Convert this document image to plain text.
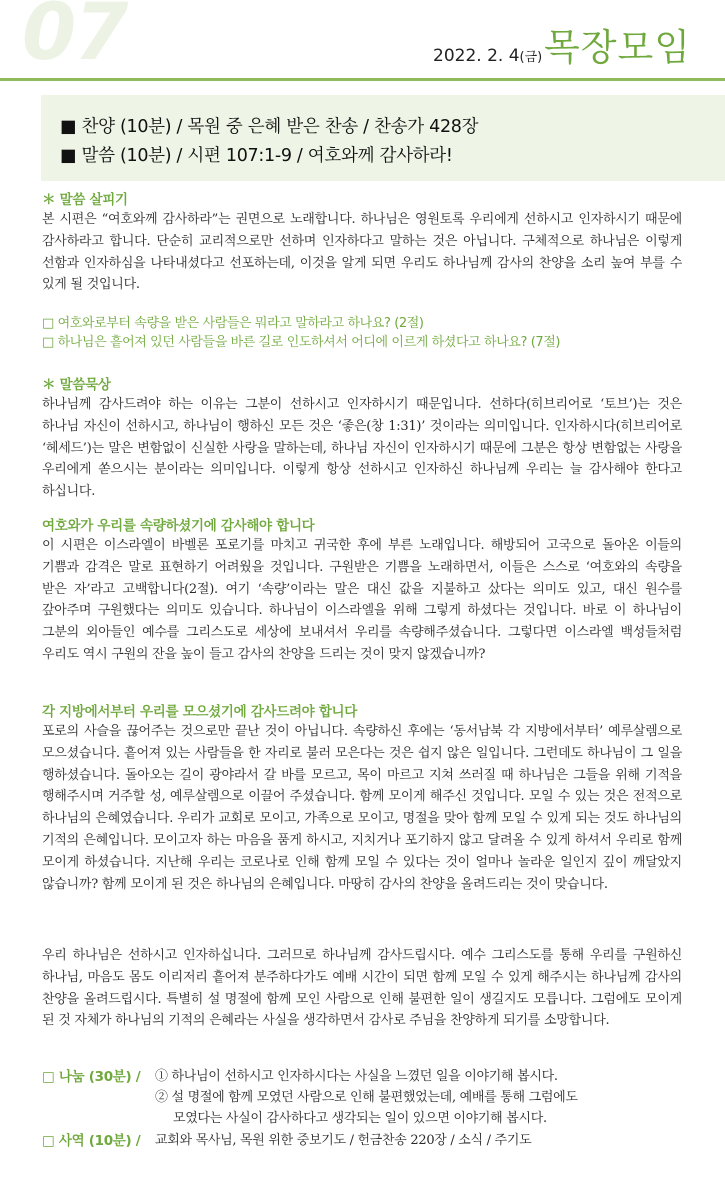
07	2022. 2. 4(금) 목장모임
■ 찬양 (10분) / 목원 중 은혜 받은 찬송 / 찬송가 428장
■ 말씀 (10분) / 시편 107:1-9 / 여호와께 감사하라!
＊ 말씀 살피기
본 시편은 “여호와께 감사하라”는 권면으로 노래합니다. 하나님은 영원토록 우리에게 선하시고 인자하시기 때문에 감사하라고 합니다. 단순히 교리적으로만 선하며 인자하다고 말하는 것은 아닙니다. 구체적으로 하나님은 이렇게 선함과 인자하심을 나타내셨다고 선포하는데, 이것을 알게 되면 우리도 하나님께 감사의 찬양을 소리 높여 부를 수 있게 될 것입니다.
□ 여호와로부터 속량을 받은 사람들은 뭐라고 말하라고 하나요? (2절)
□ 하나님은 흩어져 있던 사람들을 바른 길로 인도하셔서 어디에 이르게 하셨다고 하나요? (7절)
＊ 말씀묵상
하나님께 감사드려야 하는 이유는 그분이 선하시고 인자하시기 때문입니다. 선하다(히브리어로 ‘토브’)는 것은 하나님 자신이 선하시고, 하나님이 행하신 모든 것은 ‘좋은(창 1:31)’ 것이라는 의미입니다. 인자하시다(히브리어로 ‘헤세드’)는 말은 변함없이 신실한 사랑을 말하는데, 하나님 자신이 인자하시기 때문에 그분은 항상 변함없는 사랑을 우리에게 쏟으시는 분이라는 의미입니다. 이렇게 항상 선하시고 인자하신 하나님께 우리는 늘 감사해야 한다고 하십니다.
여호와가 우리를 속량하셨기에 감사해야 합니다
이 시편은 이스라엘이 바벨론 포로기를 마치고 귀국한 후에 부른 노래입니다. 해방되어 고국으로 돌아온 이들의 기쁨과 감격은 말로 표현하기 어려웠을 것입니다. 구원받은 기쁨을 노래하면서, 이들은 스스로 ‘여호와의 속량을 받은 자’라고 고백합니다(2절). 여기 ‘속량’이라는 말은 대신 값을 지불하고 샀다는 의미도 있고, 대신 원수를 갚아주며 구원했다는 의미도 있습니다. 하나님이 이스라엘을 위해 그렇게 하셨다는 것입니다. 바로 이 하나님이 그분의 외아들인 예수를 그리스도로 세상에 보내셔서 우리를 속량해주셨습니다. 그렇다면 이스라엘 백성들처럼 우리도 역시 구원의 잔을 높이 들고 감사의 찬양을 드리는 것이 맞지 않겠습니까?
각 지방에서부터 우리를 모으셨기에 감사드려야 합니다
포로의 사슬을 끊어주는 것으로만 끝난 것이 아닙니다. 속량하신 후에는 ‘동서남북 각 지방에서부터’ 예루살렘으로 모으셨습니다. 흩어져 있는 사람들을 한 자리로 불러 모은다는 것은 쉽지 않은 일입니다. 그런데도 하나님이 그 일을 행하셨습니다. 돌아오는 길이 광야라서 갈 바를 모르고, 목이 마르고 지쳐 쓰러질 때 하나님은 그들을 위해 기적을 행해주시며 거주할 성, 예루살렘으로 이끌어 주셨습니다. 함께 모이게 해주신 것입니다. 모일 수 있는 것은 전적으로 하나님의 은혜였습니다. 우리가 교회로 모이고, 가족으로 모이고, 명절을 맞아 함께 모일 수 있게 되는 것도 하나님의 기적의 은혜입니다. 모이고자 하는 마음을 품게 하시고, 지치거나 포기하지 않고 달려올 수 있게 하셔서 우리로 함께 모이게 하셨습니다. 지난해 우리는 코로나로 인해 함께 모일 수 있다는 것이 얼마나 놀라운 일인지 깊이 깨달았지 않습니까? 함께 모이게 된 것은 하나님의 은혜입니다. 마땅히 감사의 찬양을 올려드리는 것이 맞습니다.
우리 하나님은 선하시고 인자하십니다. 그러므로 하나님께 감사드립시다. 예수 그리스도를 통해 우리를 구원하신 하나님, 마음도 몸도 이리저리 흩어져 분주하다가도 예배 시간이 되면 함께 모일 수 있게 해주시는 하나님께 감사의 찬양을 올려드립시다. 특별히 설 명절에 함께 모인 사람으로 인해 불편한 일이 생길지도 모릅니다. 그럼에도 모이게 된 것 자체가 하나님의 기적의 은혜라는 사실을 생각하면서 감사로 주님을 찬양하게 되기를 소망합니다.
□ 나눔 (30분) / ① 하나님이 선하시고 인자하시다는 사실을 느꼈던 일을 이야기해 봅시다.
② 설 명절에 함께 모였던 사람으로 인해 불편했었는데, 예배를 통해 그럼에도
모였다는 사실이 감사하다고 생각되는 일이 있으면 이야기해 봅시다.
□ 사역 (10분) / 교회와 목사님, 목원 위한 중보기도 / 헌금찬송 220장 / 소식 / 주기도
